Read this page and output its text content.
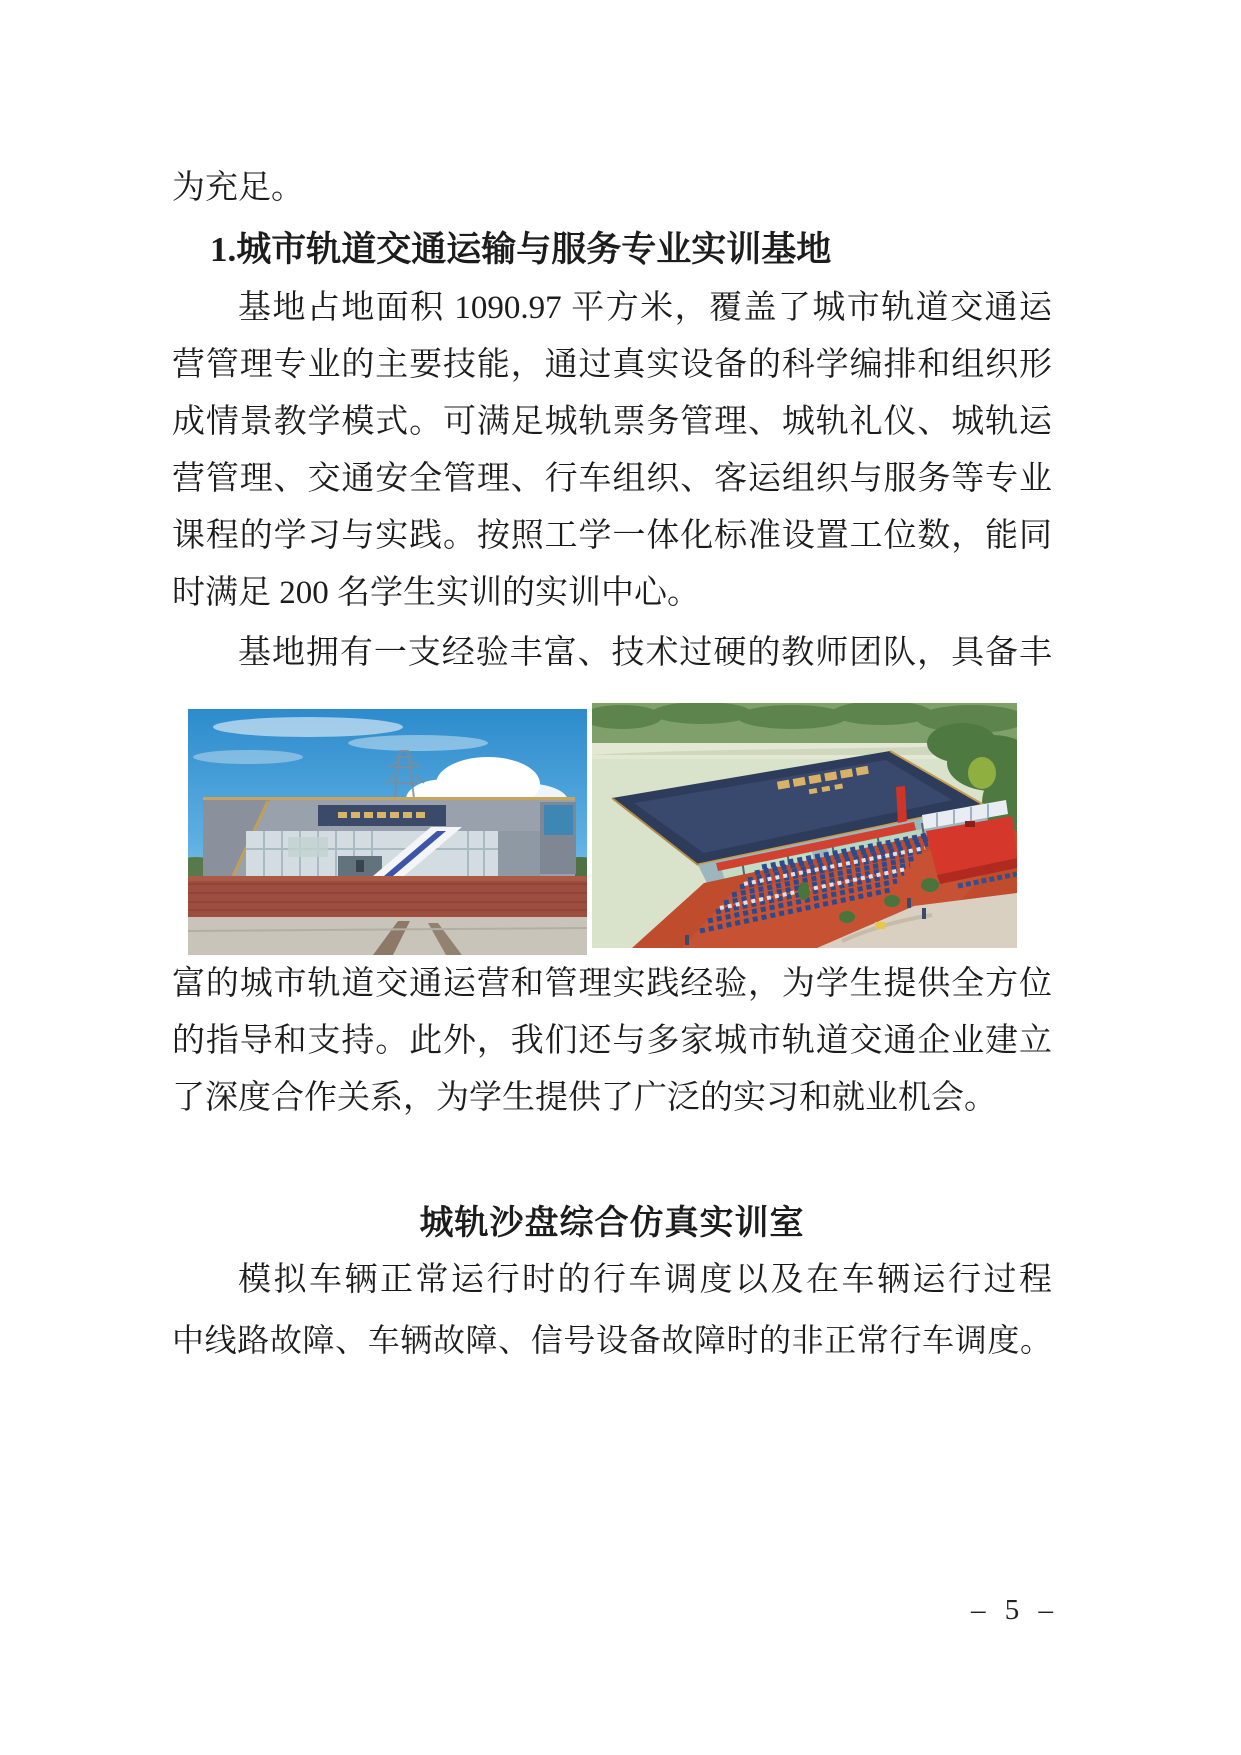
为充足。
1.城市轨道交通运输与服务专业实训基地
基地占地面积 1090.97 平方米，覆盖了城市轨道交通运
营管理专业的主要技能，通过真实设备的科学编排和组织形
成情景教学模式。可满足城轨票务管理、城轨礼仪、城轨运
营管理、交通安全管理、行车组织、客运组织与服务等专业
课程的学习与实践。按照工学一体化标准设置工位数，能同
时满足 200 名学生实训的实训中心。
基地拥有一支经验丰富、技术过硬的教师团队，具备丰
富的城市轨道交通运营和管理实践经验，为学生提供全方位
的指导和支持。此外，我们还与多家城市轨道交通企业建立
了深度合作关系，为学生提供了广泛的实习和就业机会。
城轨沙盘综合仿真实训室
模拟车辆正常运行时的行车调度以及在车辆运行过程
中线路故障、车辆故障、信号设备故障时的非正常行车调度。
– 5 –
